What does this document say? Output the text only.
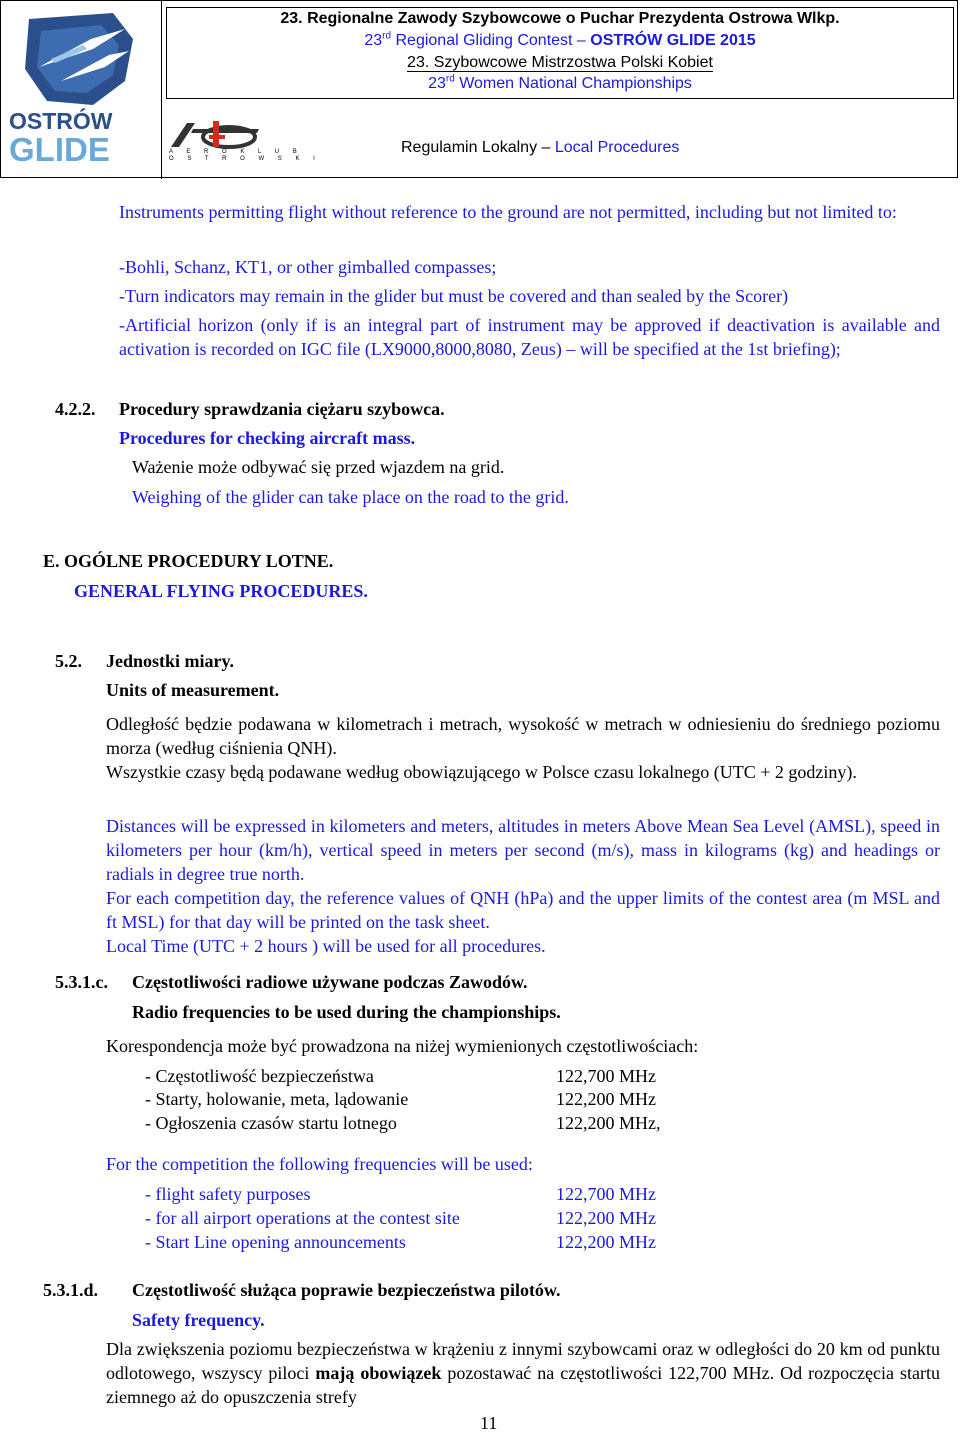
OSTRÓW
GLIDE
23. Regionalne Zawody Szybowcowe o Puchar Prezydenta Ostrowa Wlkp.
23rd Regional Gliding Contest – OSTRÓW GLIDE 2015
23. Szybowcowe Mistrzostwa Polski Kobiet
23rd Women National Championships
A E R O K L U B
O S T R O W S K I
Regulamin Lokalny – Local Procedures

Instruments permitting flight without reference to the ground are not permitted, including but not limited to:

-Bohli, Schanz, KT1, or other gimballed compasses;
-Turn indicators may remain in the glider but must be covered and than sealed by the Scorer)

-Artificial horizon (only if is an integral part of instrument may be approved if deactivation is available and activation is recorded on IGC file (LX9000,8000,8080, Zeus) – will be specified at the 1st briefing);

4.2.2. Procedury sprawdzania ciężaru szybowca.
Procedures for checking aircraft mass.
Ważenie może odbywać się przed wjazdem na grid.
Weighing of the glider can take place on the road to the grid.
E. OGÓLNE PROCEDURY LOTNE.
GENERAL FLYING PROCEDURES.
5.2. Jednostki miary.
Units of measurement.

Odległość będzie podawana w kilometrach i metrach, wysokość w metrach w odniesieniu do średniego poziomu morza (według ciśnienia QNH).

Wszystkie czasy będą podawane według obowiązującego w Polsce czasu lokalnego (UTC + 2 godziny).

Distances will be expressed in kilometers and meters, altitudes in meters Above Mean Sea Level (AMSL), speed in kilometers per hour (km/h), vertical speed in meters per second (m/s), mass in kilograms (kg) and headings or radials in degree true north.

For each competition day, the reference values of QNH (hPa) and the upper limits of the contest area (m MSL and ft MSL) for that day will be printed on the task sheet.

Local Time (UTC + 2 hours ) will be used for all procedures.

5.3.1.c. Częstotliwości radiowe używane podczas Zawodów.
Radio frequencies to be used during the championships.
Korespondencja może być prowadzona na niżej wymienionych częstotliwościach:
- Częstotliwość bezpieczeństwa	122,700 MHz
- Starty, holowanie, meta, lądowanie	122,200 MHz
- Ogłoszenia czasów startu lotnego	122,200 MHz,
For the competition the following frequencies will be used:
- flight safety purposes	122,700 MHz
- for all airport operations at the contest site	122,200 MHz
- Start Line opening announcements	122,200 MHz
5.3.1.d. Częstotliwość służąca poprawie bezpieczeństwa pilotów.
Safety frequency.

Dla zwiększenia poziomu bezpieczeństwa w krążeniu z innymi szybowcami oraz w odległości do 20 km od punktu odlotowego, wszyscy piloci mają obowiązek pozostawać na częstotliwości 122,700 MHz. Od rozpoczęcia startu ziemnego aż do opuszczenia strefy

11
